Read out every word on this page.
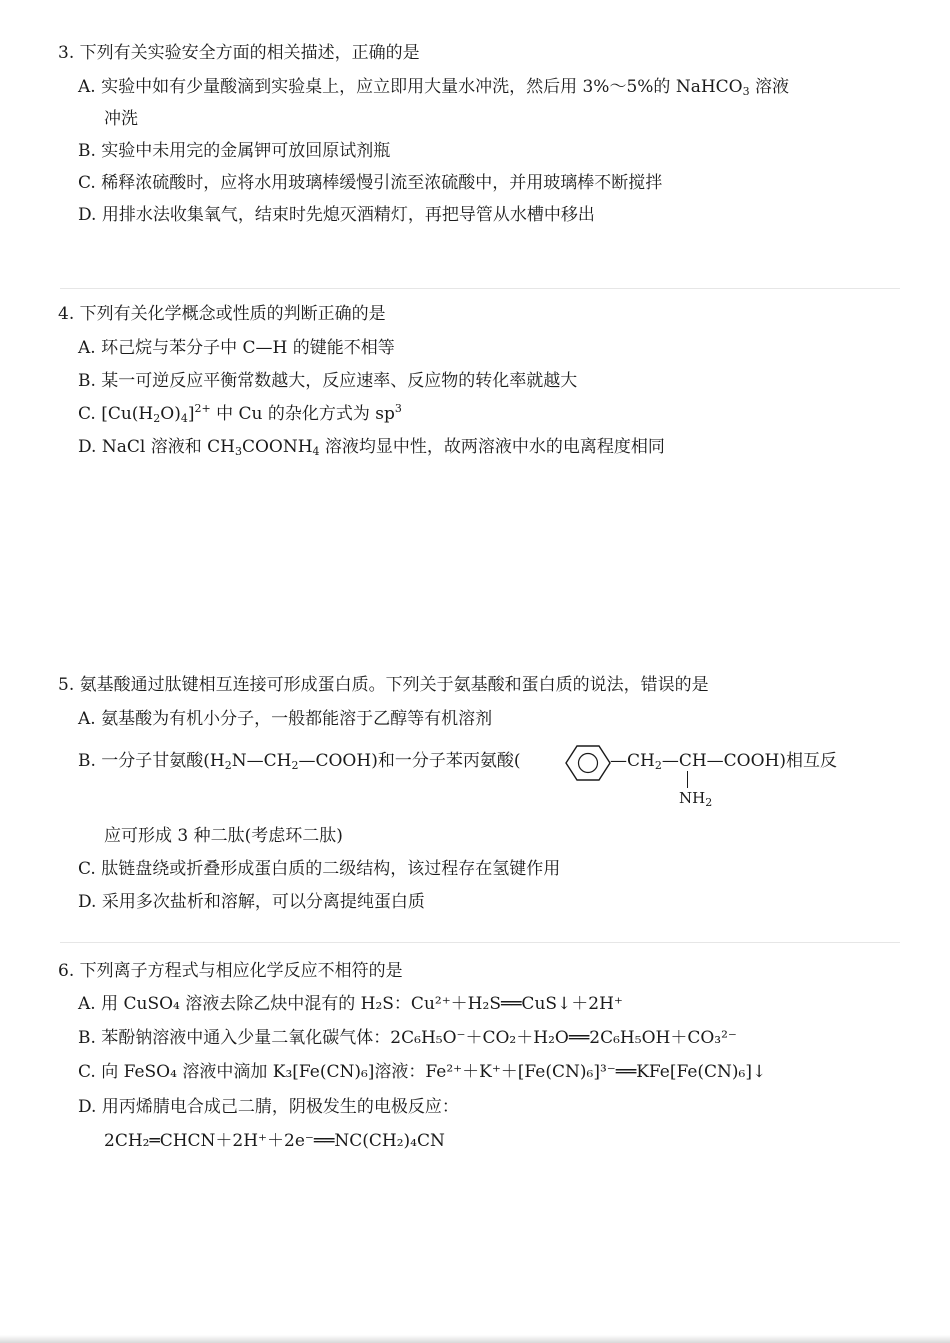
3. 下列有关实验安全方面的相关描述，正确的是
A. 实验中如有少量酸滴到实验桌上，应立即用大量水冲洗，然后用 3%～5%的 NaHCO$_3$ 溶液
冲洗
B. 实验中未用完的金属钾可放回原试剂瓶
C. 稀释浓硫酸时，应将水用玻璃棒缓慢引流至浓硫酸中，并用玻璃棒不断搅拌
D. 用排水法收集氧气，结束时先熄灭酒精灯，再把导管从水槽中移出
4. 下列有关化学概念或性质的判断正确的是
A. 环己烷与苯分子中 C—H 的键能不相等
B. 某一可逆反应平衡常数越大，反应速率、反应物的转化率就越大
C. $[Cu(H_2O)_4]^{2+}$ 中 Cu 的杂化方式为 $sp^3$
D. NaCl 溶液和 $CH_3COONH_4$ 溶液均显中性，故两溶液中水的电离程度相同
5. 氨基酸通过肽键相互连接可形成蛋白质。下列关于氨基酸和蛋白质的说法，错误的是
A. 氨基酸为有机小分子，一般都能溶于乙醇等有机溶剂
B. 一分子甘氨酸$(H_2N—CH_2—COOH)$和一分子苯丙氨酸(	$—CH_2—CH—COOH$)相互反
$NH_2$
应可形成 3 种二肽(考虑环二肽)
C. 肽链盘绕或折叠形成蛋白质的二级结构，该过程存在氢键作用
D. 采用多次盐析和溶解，可以分离提纯蛋白质
6. 下列离子方程式与相应化学反应不相符的是
A. 用 CuSO₄ 溶液去除乙炔中混有的 H₂S：Cu²⁺＋H₂S══CuS↓＋2H⁺
B. 苯酚钠溶液中通入少量二氧化碳气体：2C₆H₅O⁻＋CO₂＋H₂O══2C₆H₅OH＋CO₃²⁻
C. 向 FeSO₄ 溶液中滴加 K₃[Fe(CN)₆]溶液：Fe²⁺＋K⁺＋[Fe(CN)₆]³⁻══KFe[Fe(CN)₆]↓
D. 用丙烯腈电合成己二腈，阴极发生的电极反应：
2CH₂═CHCN＋2H⁺＋2e⁻══NC(CH₂)₄CN
